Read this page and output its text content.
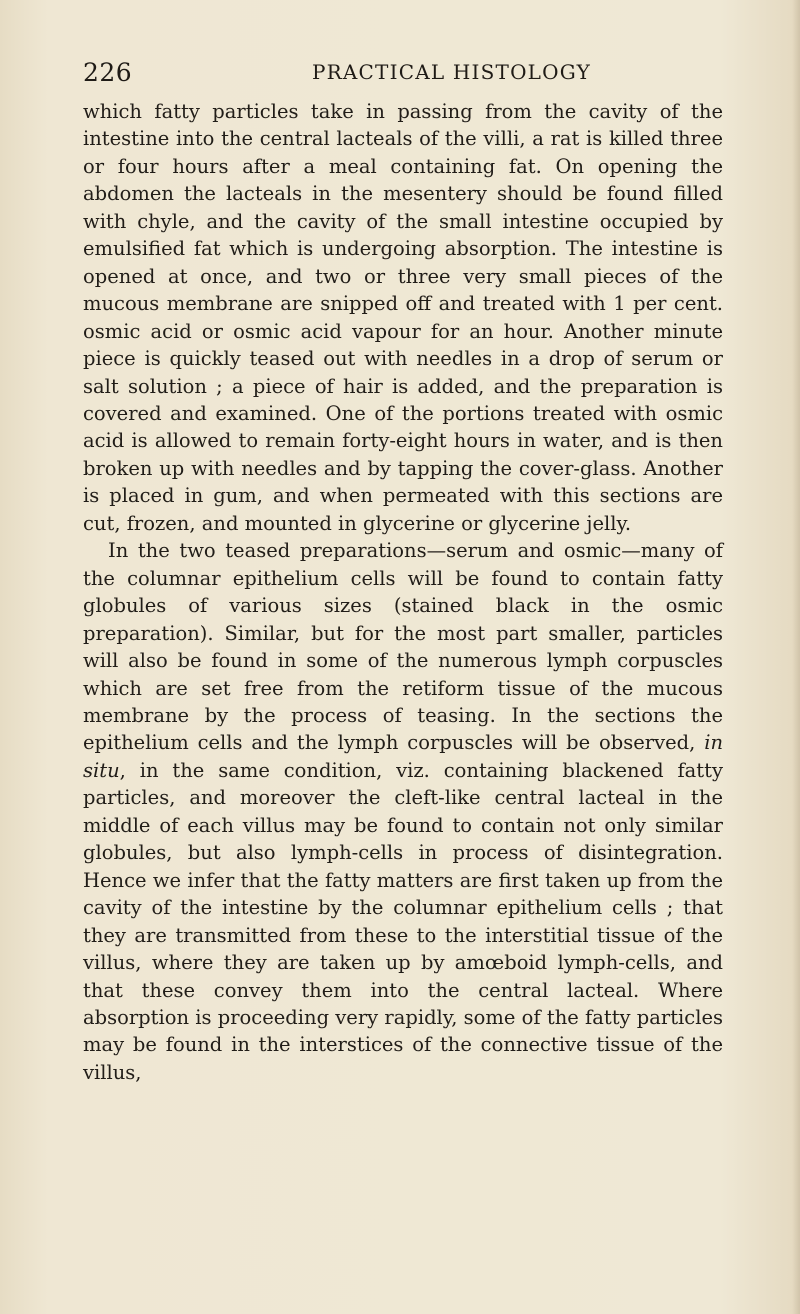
226	PRACTICAL HISTOLOGY

which fatty particles take in passing from the cavity of the intestine into the central lacteals of the villi, a rat is killed three or four hours after a meal containing fat. On opening the abdomen the lacteals in the mesentery should be found filled with chyle, and the cavity of the small intestine occupied by emulsified fat which is undergoing absorption. The intestine is opened at once, and two or three very small pieces of the mucous membrane are snipped off and treated with 1 per cent. osmic acid or osmic acid vapour for an hour. Another minute piece is quickly teased out with needles in a drop of serum or salt solution ; a piece of hair is added, and the preparation is covered and examined. One of the portions treated with osmic acid is allowed to remain forty-eight hours in water, and is then broken up with needles and by tapping the cover-glass. Another is placed in gum, and when permeated with this sections are cut, frozen, and mounted in glycerine or glycerine jelly.

In the two teased preparations—serum and osmic—many of the columnar epithelium cells will be found to contain fatty globules of various sizes (stained black in the osmic preparation). Similar, but for the most part smaller, particles will also be found in some of the numerous lymph corpuscles which are set free from the retiform tissue of the mucous membrane by the process of teasing. In the sections the epithelium cells and the lymph corpuscles will be observed, in situ, in the same condition, viz. containing blackened fatty particles, and moreover the cleft-like central lacteal in the middle of each villus may be found to contain not only similar globules, but also lymph-cells in process of disintegration. Hence we infer that the fatty matters are first taken up from the cavity of the intestine by the columnar epithelium cells ; that they are transmitted from these to the interstitial tissue of the villus, where they are taken up by amœboid lymph-cells, and that these convey them into the central lacteal. Where absorption is proceeding very rapidly, some of the fatty particles may be found in the interstices of the connective tissue of the villus,
